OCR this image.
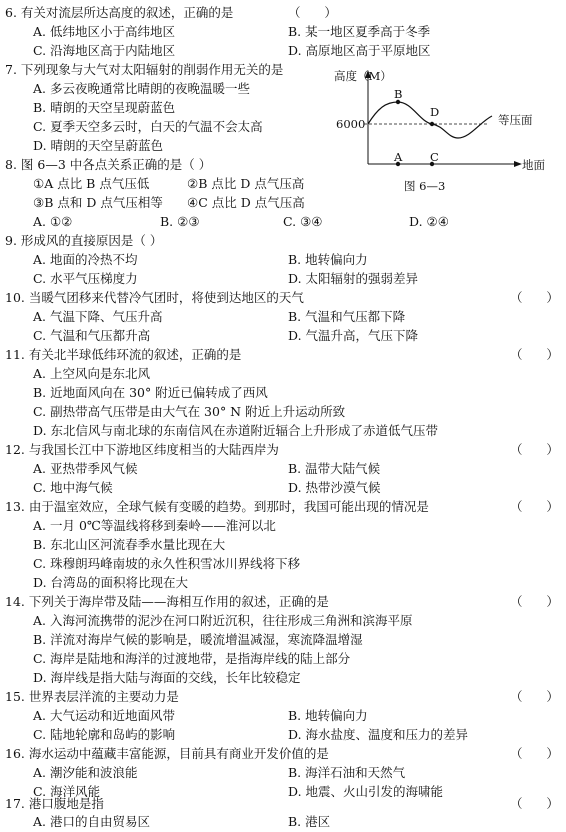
6. 有关对流层所达高度的叙述，正确的是	（      ）
A. 低纬地区小于高纬地区	B. 某一地区夏季高于冬季
C. 沿海地区高于内陆地区	D. 高原地区高于平原地区
7. 下列现象与大气对太阳辐射的削弱作用无关的是
A. 多云夜晚通常比晴朗的夜晚温暖一些
B. 晴朗的天空呈现蔚蓝色
C. 夏季天空多云时，白天的气温不会太高
D. 晴朗的天空呈蔚蓝色
高度（M）
6000
B
D
A C
等压面
地面
图 6—3
8. 图 6—3 中各点关系正确的是（ ）
①A 点比 B 点气压低	②B 点比 D 点气压高
③B 点和 D 点气压相等 ④C 点比 D 点气压高
A. ①②	B. ②③	C. ③④	D. ②④
9. 形成风的直接原因是（ ）
A. 地面的冷热不均	B. 地转偏向力
C. 水平气压梯度力	D. 太阳辐射的强弱差异
10. 当暖气团移来代替冷气团时，将使到达地区的天气	（      ）
A. 气温下降、气压升高	B. 气温和气压都下降
C. 气温和气压都升高	D. 气温升高，气压下降
11. 有关北半球低纬环流的叙述，正确的是	（      ）
A. 上空风向是东北风
B. 近地面风向在 30° 附近已偏转成了西风
C. 副热带高气压带是由大气在 30° N 附近上升运动所致
D. 东北信风与南北球的东南信风在赤道附近辐合上升形成了赤道低气压带
12. 与我国长江中下游地区纬度相当的大陆西岸为	（      ）
A. 亚热带季风气候	B. 温带大陆气候
C. 地中海气候	D. 热带沙漠气候
13. 由于温室效应，全球气候有变暖的趋势。到那时，我国可能出现的情况是	（      ）
A. 一月 0℃等温线将移到秦岭——淮河以北
B. 东北山区河流春季水量比现在大
C. 珠穆朗玛峰南坡的永久性积雪冰川界线将下移
D. 台湾岛的面积将比现在大
14. 下列关于海岸带及陆——海相互作用的叙述，正确的是	（      ）
A. 入海河流携带的泥沙在河口附近沉积，往往形成三角洲和滨海平原
B. 洋流对海岸气候的影响是，暖流增温减湿，寒流降温增湿
C. 海岸是陆地和海洋的过渡地带，是指海岸线的陆上部分
D. 海岸线是指大陆与海面的交线，长年比较稳定
15. 世界表层洋流的主要动力是	（      ）
A. 大气运动和近地面风带	B. 地转偏向力
C. 陆地轮廓和岛屿的影响	D. 海水盐度、温度和压力的差异
16. 海水运动中蕴藏丰富能源，目前具有商业开发价值的是	（      ）
A. 潮汐能和波浪能	B. 海洋石油和天然气
C. 海洋风能	D. 地震、火山引发的海啸能
17. 港口腹地是指	（      ）
A. 港口的自由贸易区	B. 港区
